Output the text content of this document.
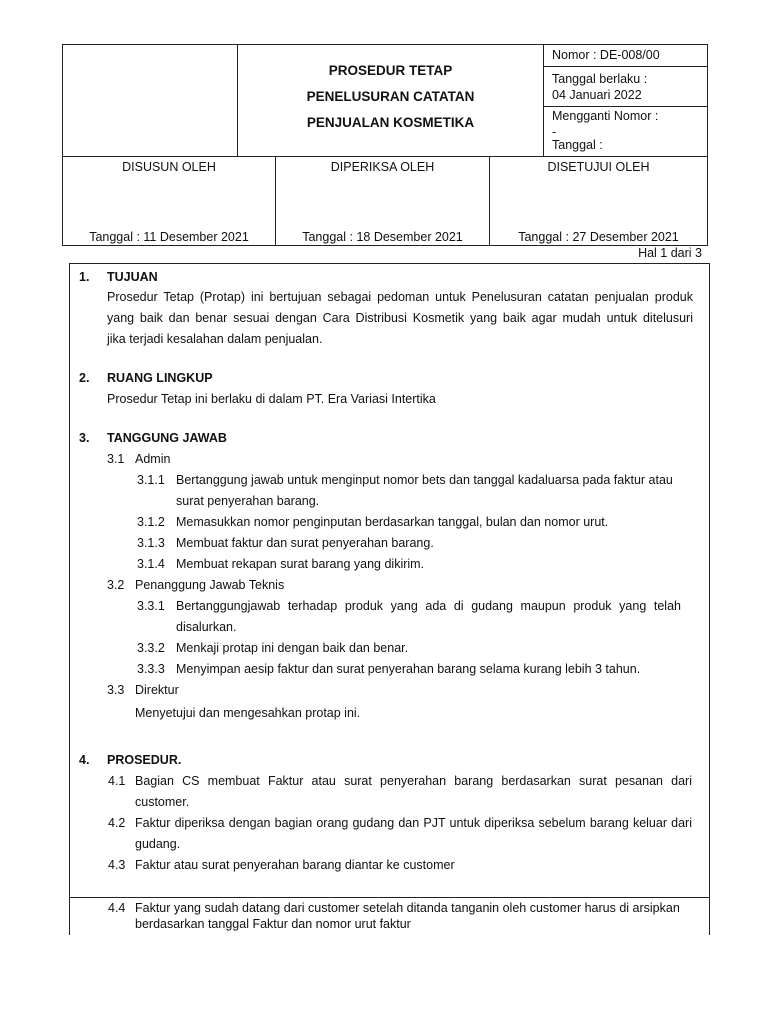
PROSEDUR TETAP
PENELUSURAN CATATAN
PENJUALAN KOSMETIKA
Nomor : DE-008/00
Tanggal berlaku :
04 Januari 2022
Mengganti Nomor :
-
Tanggal :
DISUSUN OLEH
Tanggal : 11 Desember 2021
DIPERIKSA OLEH
Tanggal : 18 Desember 2021
DISETUJUI OLEH
Tanggal : 27 Desember 2021
Hal 1 dari 3
1. TUJUAN
Prosedur Tetap (Protap) ini bertujuan sebagai pedoman untuk Penelusuran catatan penjualan produk
yang baik dan benar sesuai dengan Cara Distribusi Kosmetik yang baik agar mudah untuk ditelusuri
jika terjadi kesalahan dalam penjualan.
2. RUANG LINGKUP
Prosedur Tetap ini berlaku di dalam PT. Era Variasi Intertika
3. TANGGUNG JAWAB
3.1 Admin
3.1.1 Bertanggung jawab untuk menginput nomor bets dan tanggal kadaluarsa pada faktur atau
surat penyerahan barang.
3.1.2 Memasukkan nomor penginputan berdasarkan tanggal, bulan dan nomor urut.
3.1.3 Membuat faktur dan surat penyerahan barang.
3.1.4 Membuat rekapan surat barang yang dikirim.
3.2 Penanggung Jawab Teknis
3.3.1 Bertanggungjawab terhadap produk yang ada di gudang maupun produk yang telah
disalurkan.
3.3.2 Menkaji protap ini dengan baik dan benar.
3.3.3 Menyimpan aesip faktur dan surat penyerahan barang selama kurang lebih 3 tahun.
3.3 Direktur
Menyetujui dan mengesahkan protap ini.
4. PROSEDUR.
4.1 Bagian CS membuat Faktur atau surat penyerahan barang berdasarkan surat pesanan dari
customer.
4.2 Faktur diperiksa dengan bagian orang gudang dan PJT untuk diperiksa sebelum barang keluar dari
gudang.
4.3 Faktur atau surat penyerahan barang diantar ke customer
4.4 Faktur yang sudah datang dari customer setelah ditanda tanganin oleh customer harus di arsipkan
berdasarkan tanggal Faktur dan nomor urut faktur
